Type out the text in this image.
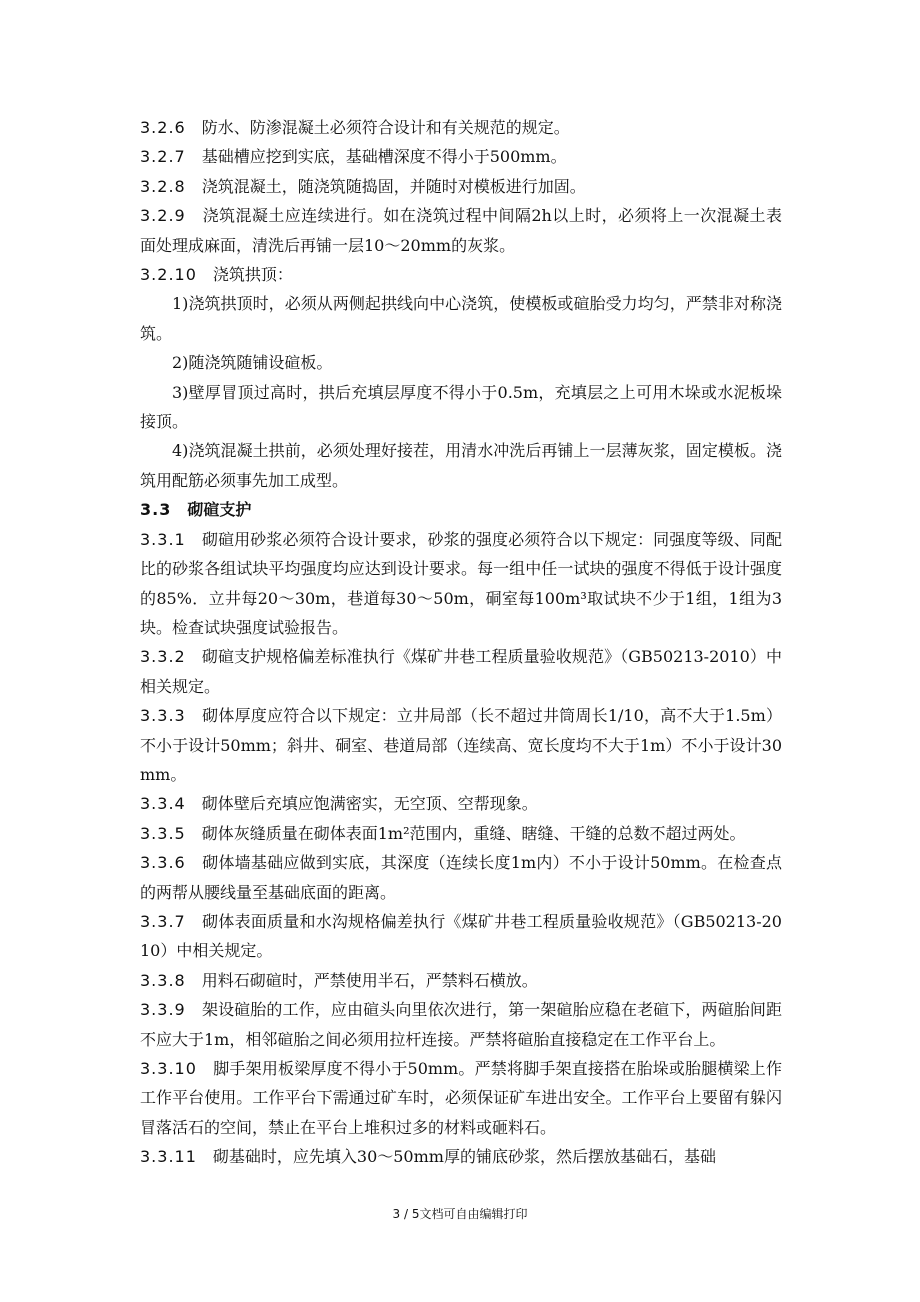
3.2.6　防水、防渗混凝土必须符合设计和有关规范的规定。

3.2.7　基础槽应挖到实底，基础槽深度不得小于500mm。

3.2.8　浇筑混凝土，随浇筑随捣固，并随时对模板进行加固。

3.2.9　浇筑混凝土应连续进行。如在浇筑过程中间隔2h以上时，必须将上一次混凝土表面处理成麻面，清洗后再铺一层10～20mm的灰浆。

3.2.10　浇筑拱顶：

1)浇筑拱顶时，必须从两侧起拱线向中心浇筑，使模板或碹胎受力均匀，严禁非对称浇筑。

2)随浇筑随铺设碹板。

3)壁厚冒顶过高时，拱后充填层厚度不得小于0.5m，充填层之上可用木垛或水泥板垛接顶。

4)浇筑混凝土拱前，必须处理好接茬，用清水冲洗后再铺上一层薄灰浆，固定模板。浇筑用配筋必须事先加工成型。

3.3　砌碹支护

3.3.1　砌碹用砂浆必须符合设计要求，砂浆的强度必须符合以下规定：同强度等级、同配比的砂浆各组试块平均强度均应达到设计要求。每一组中任一试块的强度不得低于设计强度的85%．立井每20～30m，巷道每30～50m，硐室每100m³取试块不少于1组，1组为3块。检查试块强度试验报告。

3.3.2　砌碹支护规格偏差标准执行《煤矿井巷工程质量验收规范》（GB50213-2010）中相关规定。

3.3.3　砌体厚度应符合以下规定：立井局部（长不超过井筒周长1/10，高不大于1.5m）不小于设计50mm；斜井、硐室、巷道局部（连续高、宽长度均不大于1m）不小于设计30mm。

3.3.4　砌体壁后充填应饱满密实，无空顶、空帮现象。

3.3.5　砌体灰缝质量在砌体表面1m²范围内，重缝、瞎缝、干缝的总数不超过两处。

3.3.6　砌体墙基础应做到实底，其深度（连续长度1m内）不小于设计50mm。在检查点的两帮从腰线量至基础底面的距离。

3.3.7　砌体表面质量和水沟规格偏差执行《煤矿井巷工程质量验收规范》（GB50213-2010）中相关规定。

3.3.8　用料石砌碹时，严禁使用半石，严禁料石横放。

3.3.9　架设碹胎的工作，应由碹头向里依次进行，第一架碹胎应稳在老碹下，两碹胎间距不应大于1m，相邻碹胎之间必须用拉杆连接。严禁将碹胎直接稳定在工作平台上。

3.3.10　脚手架用板梁厚度不得小于50mm。严禁将脚手架直接搭在胎垛或胎腿横梁上作工作平台使用。工作平台下需通过矿车时，必须保证矿车进出安全。工作平台上要留有躲闪冒落活石的空间，禁止在平台上堆积过多的材料或砸料石。

3.3.11　砌基础时，应先填入30～50mm厚的铺底砂浆，然后摆放基础石，基础

3 / 5文档可自由编辑打印
